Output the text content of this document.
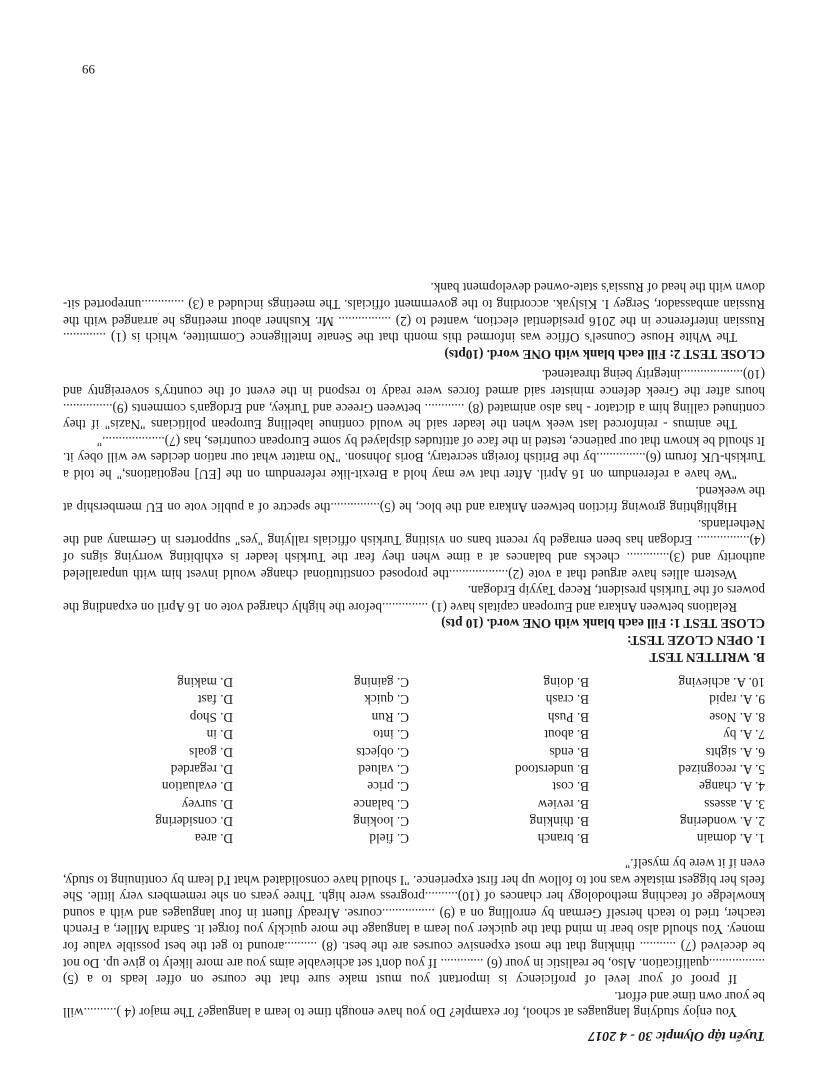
Tuyển tập Olympic 30 - 4 2017

You enjoy studying languages at school, for example? Do you have enough time to learn a language? The major (4 )..........will be your own time and effort.

If proof of your level of proficiency is important you must make sure that the course on offer leads to a (5) .................qualification. Also, be realistic in your (6) ............. If you don't set achievable aims you are more likely to give up. Do not be deceived (7) ........... thinking that the most expensive courses are the best. (8) ..........around to get the best possible value for money. You should also bear in mind that the quicker you learn a language the more quickly you forget it. Sandra Miller, a French teacher, tried to teach herself German by enrolling on a (9) ................course. Already fluent in four languages and with a sound knowledge of teaching methodology her chances of (10)..........progress were high. Three years on she remembers very little. She feels her biggest mistake was not to follow up her first experience. "I should have consolidated what I'd learn by continuing to study, even if it were by myself."

1. A. domain
B. branch
C. field
D. area
2. A. wondering
B. thinking
C. looking
D. considering
3. A. assess
B. review
C. balance
D. survey
4. A. change
B. cost
C. price
D. evaluation
5. A. recognized
B. understood
C. valued
D. regarded
6. A. sights
B. ends
C. objects
D. goals
7. A. by
B. about
C. into
D. in
8. A. Nose
B. Push
C. Run
D. Shop
9. A. rapid
B. crash
C. quick
D. fast
10. A. achieving
B. doing
C. gaining
D. making
B. WRITTEN TEST
I. OPEN CLOZE TEST:
CLOSE TEST 1: Fill each blank with ONE word. (10 pts)

Relations between Ankara and European capitals have (1) ..............before the highly charged vote on 16 April on expanding the powers of the Turkish president, Recep Tayyip Erdogan.

Western allies have argued that a vote (2)..................the proposed constitutional change would invest him with unparalleled authority and (3)............. checks and balances at a time when they fear the Turkish leader is exhibiting worrying signs of (4)................ Erdogan has been enraged by recent bans on visiting Turkish officials rallying "yes" supporters in Germany and the Netherlands.

Highlighting growing friction between Ankara and the bloc, he (5)...............the spectre of a public vote on EU membership at the weekend.

"We have a referendum on 16 April. After that we may hold a Brexit-like referendum on the [EU] negotiations," he told a Turkish-UK forum (6)...............by the British foreign secretary, Boris Johnson. "No matter what our nation decides we will obey it. It should be known that our patience, tested in the face of attitudes displayed by some European countries, has (7)..................."

The animus - reinforced last week when the leader said he would continue labelling European politicians "Nazis" if they continued calling him a dictator - has also animated (8) ............ between Greece and Turkey, and Erdogan's comments (9)............... hours after the Greek defence minister said armed forces were ready to respond in the event of the country's sovereignty and (10)...................integrity being threatened.

CLOSE TEST 2: Fill each blank with ONE word. (10pts)

The White House Counsel's Office was informed this month that the Senate Intelligence Committee, which is (1) ............. Russian interference in the 2016 presidential election, wanted to (2) ................ Mr. Kushner about meetings he arranged with the Russian ambassador, Sergey I. Kislyak. according to the government officials. The meetings included a (3) .............unreported sit-down with the head of Russia's state-owned development bank.

99
